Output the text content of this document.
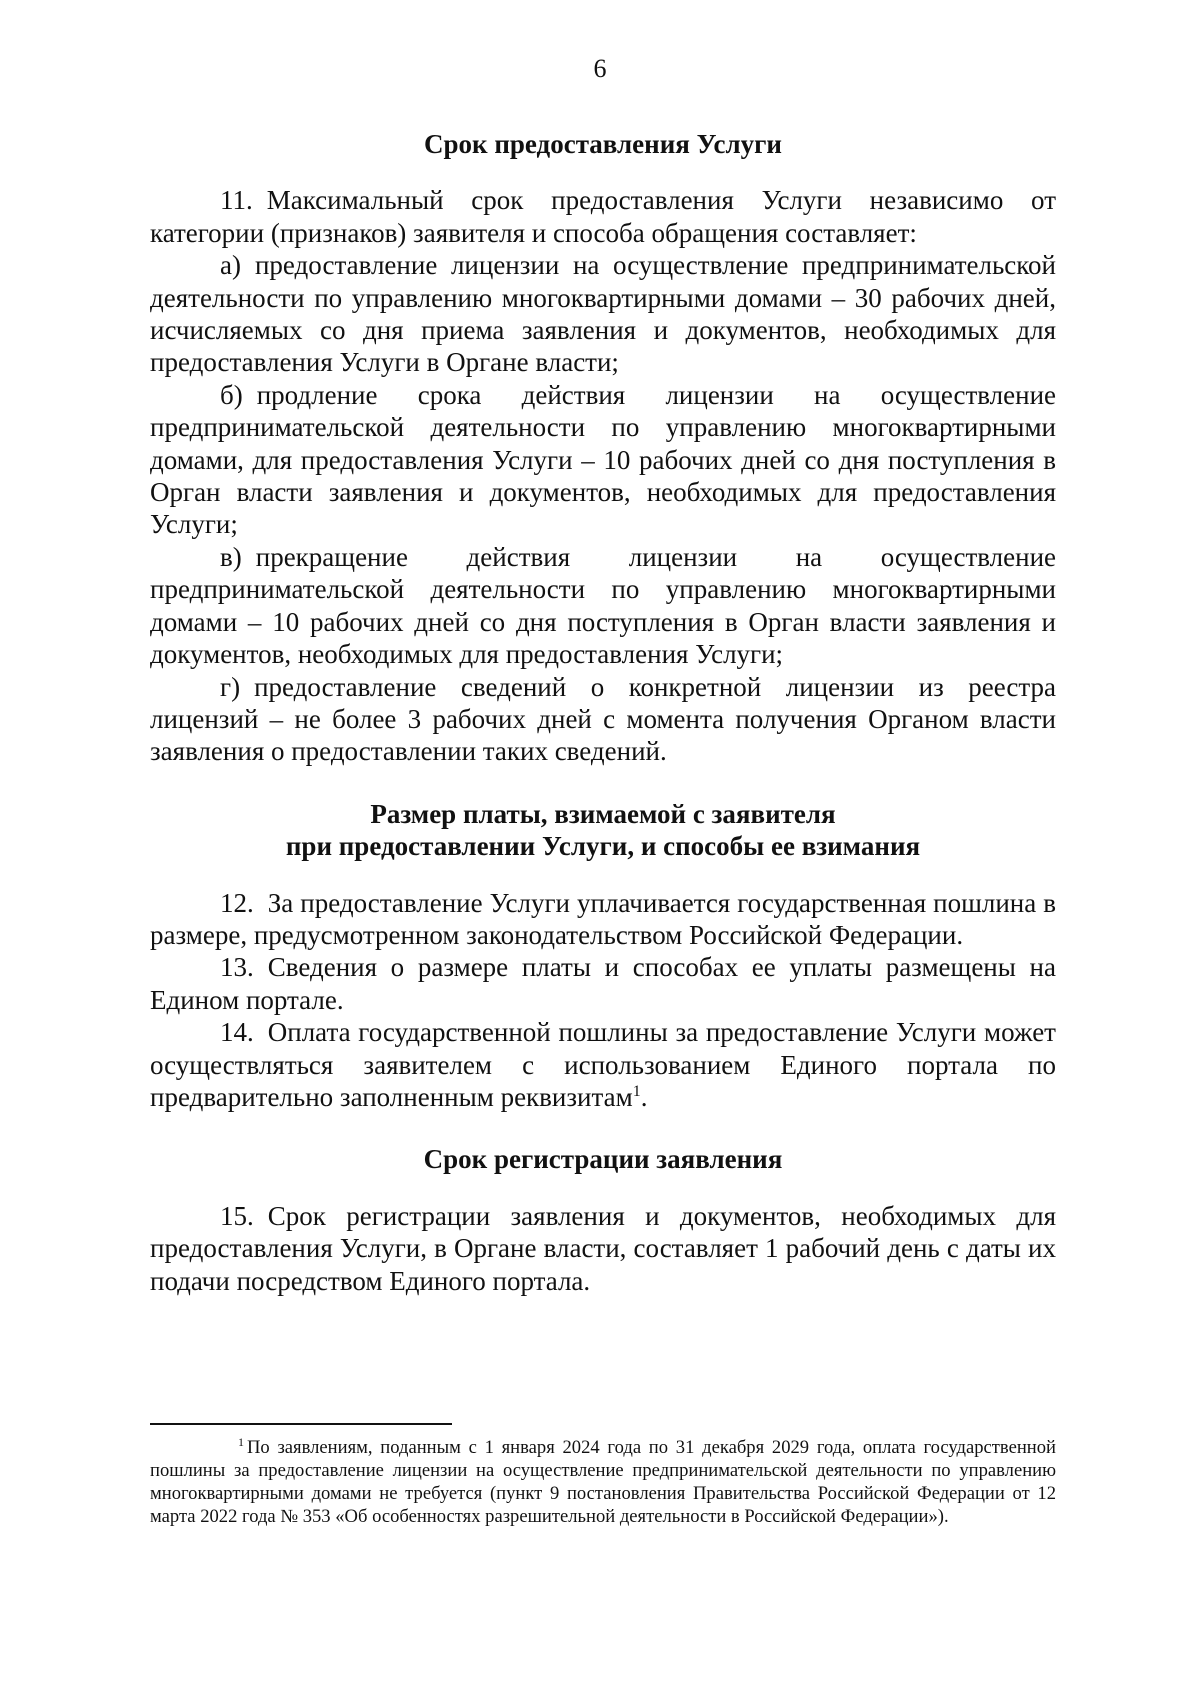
6
Срок предоставления Услуги

11. Максимальный срок предоставления Услуги независимо от категории (признаков) заявителя и способа обращения составляет:

а) предоставление лицензии на осуществление предпринимательской деятельности по управлению многоквартирными домами – 30 рабочих дней, исчисляемых со дня приема заявления и документов, необходимых для предоставления Услуги в Органе власти;

б) продление срока действия лицензии на осуществление предпринимательской деятельности по управлению многоквартирными домами, для предоставления Услуги – 10 рабочих дней со дня поступления в Орган власти заявления и документов, необходимых для предоставления Услуги;

в) прекращение действия лицензии на осуществление предпринимательской деятельности по управлению многоквартирными домами – 10 рабочих дней со дня поступления в Орган власти заявления и документов, необходимых для предоставления Услуги;

г) предоставление сведений о конкретной лицензии из реестра лицензий – не более 3 рабочих дней с момента получения Органом власти заявления о предоставлении таких сведений.

Размер платы, взимаемой с заявителя
при предоставлении Услуги, и способы ее взимания

12. За предоставление Услуги уплачивается государственная пошлина в размере, предусмотренном законодательством Российской Федерации.

13. Сведения о размере платы и способах ее уплаты размещены на Едином портале.

14. Оплата государственной пошлины за предоставление Услуги может осуществляться заявителем с использованием Единого портала по предварительно заполненным реквизитам$^1$.

Срок регистрации заявления

15. Срок регистрации заявления и документов, необходимых для предоставления Услуги, в Органе власти, составляет 1 рабочий день с даты их подачи посредством Единого портала.

$^1$ По заявлениям, поданным с 1 января 2024 года по 31 декабря 2029 года, оплата государственной пошлины за предоставление лицензии на осуществление предпринимательской деятельности по управлению многоквартирными домами не требуется (пункт 9 постановления Правительства Российской Федерации от 12 марта 2022 года № 353 «Об особенностях разрешительной деятельности в Российской Федерации»).
